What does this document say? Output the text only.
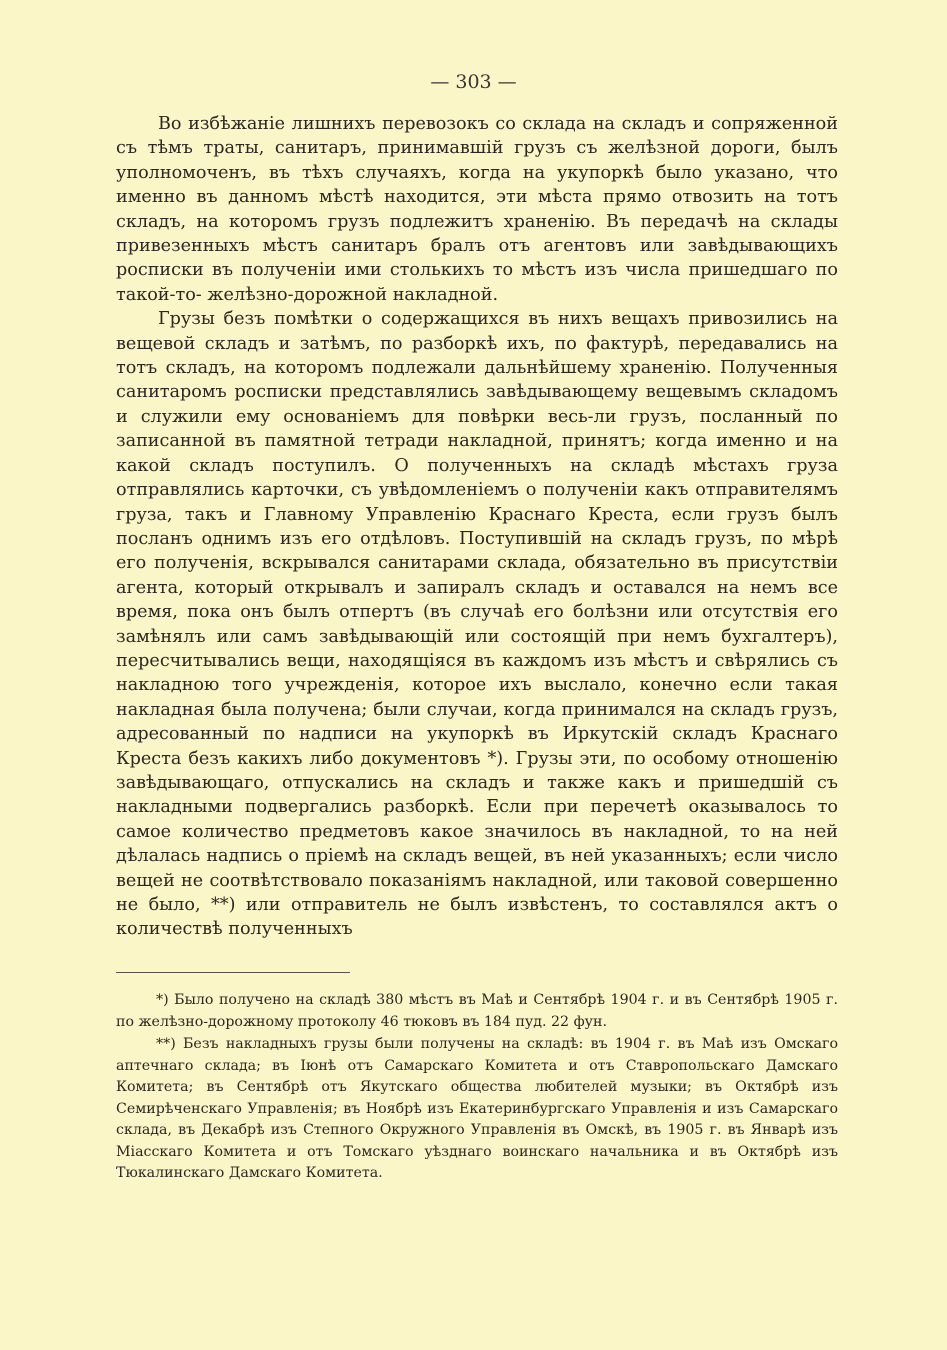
— 303 —

Во избѣжаніе лишнихъ перевозокъ со склада на складъ и сопряженной съ тѣмъ траты, санитаръ, принимавшій грузъ съ желѣзной дороги, былъ уполномоченъ, въ тѣхъ случаяхъ, когда на укупоркѣ было указано, что именно въ данномъ мѣстѣ находится, эти мѣста прямо отвозить на тотъ складъ, на которомъ грузъ подлежитъ храненію. Въ передачѣ на склады привезенныхъ мѣстъ санитаръ бралъ отъ агентовъ или завѣдывающихъ росписки въ полученіи ими столькихъ то мѣстъ изъ числа пришедшаго по такой-то- желѣзно-дорожной накладной.

Грузы безъ помѣтки о содержащихся въ нихъ вещахъ привозились на вещевой складъ и затѣмъ, по разборкѣ ихъ, по фактурѣ, передавались на тотъ складъ, на которомъ подлежали дальнѣйшему храненію. Полученныя санитаромъ росписки представлялись завѣдывающему вещевымъ складомъ и служили ему основаніемъ для повѣрки весь-ли грузъ, посланный по записанной въ памятной тетради накладной, принятъ; когда именно и на какой складъ поступилъ. О полученныхъ на складѣ мѣстахъ груза отправлялись карточки, съ увѣдомленіемъ о полученіи какъ отправителямъ груза, такъ и Главному Управленію Краснаго Креста, если грузъ былъ посланъ однимъ изъ его отдѣловъ. Поступившій на складъ грузъ, по мѣрѣ его полученія, вскрывался санитарами склада, обязательно въ присутствіи агента, который открывалъ и запиралъ складъ и оставался на немъ все время, пока онъ былъ отпертъ (въ случаѣ его болѣзни или отсутствія его замѣнялъ или самъ завѣдывающій или состоящій при немъ бухгалтеръ), пересчитывались вещи, находящіяся въ каждомъ изъ мѣстъ и свѣрялись съ накладною того учрежденія, которое ихъ выслало, конечно если такая накладная была получена; были случаи, когда принимался на складъ грузъ, адресованный по надписи на укупоркѣ въ Иркутскій складъ Краснаго Креста безъ какихъ либо документовъ *). Грузы эти, по особому отношенію завѣдывающаго, отпускались на складъ и также какъ и пришедшій съ накладными подвергались разборкѣ. Если при перечетѣ оказывалось то самое количество предметовъ какое значилось въ накладной, то на ней дѣлалась надпись о пріемѣ на складъ вещей, въ ней указанныхъ; если число вещей не соотвѣтствовало показаніямъ накладной, или таковой совершенно не было, **) или отправитель не былъ извѣстенъ, то составлялся актъ о количествѣ полученныхъ

*) Было получено на складѣ 380 мѣстъ въ Маѣ и Сентябрѣ 1904 г. и въ Сентябрѣ 1905 г. по желѣзно-дорожному протоколу 46 тюковъ въ 184 пуд. 22 фун.

**) Безъ накладныхъ грузы были получены на складѣ: въ 1904 г. въ Маѣ изъ Омскаго аптечнаго склада; въ Іюнѣ отъ Самарскаго Комитета и отъ Ставропольскаго Дамскаго Комитета; въ Сентябрѣ отъ Якутскаго общества любителей музыки; въ Октябрѣ изъ Семирѣченскаго Управленія; въ Ноябрѣ изъ Екатеринбургскаго Управленія и изъ Самарскаго склада, въ Декабрѣ изъ Степного Окружного Управленія въ Омскѣ, въ 1905 г. въ Январѣ изъ Міасскаго Комитета и отъ Томскаго уѣзднаго воинскаго начальника и въ Октябрѣ изъ Тюкалинскаго Дамскаго Комитета.
